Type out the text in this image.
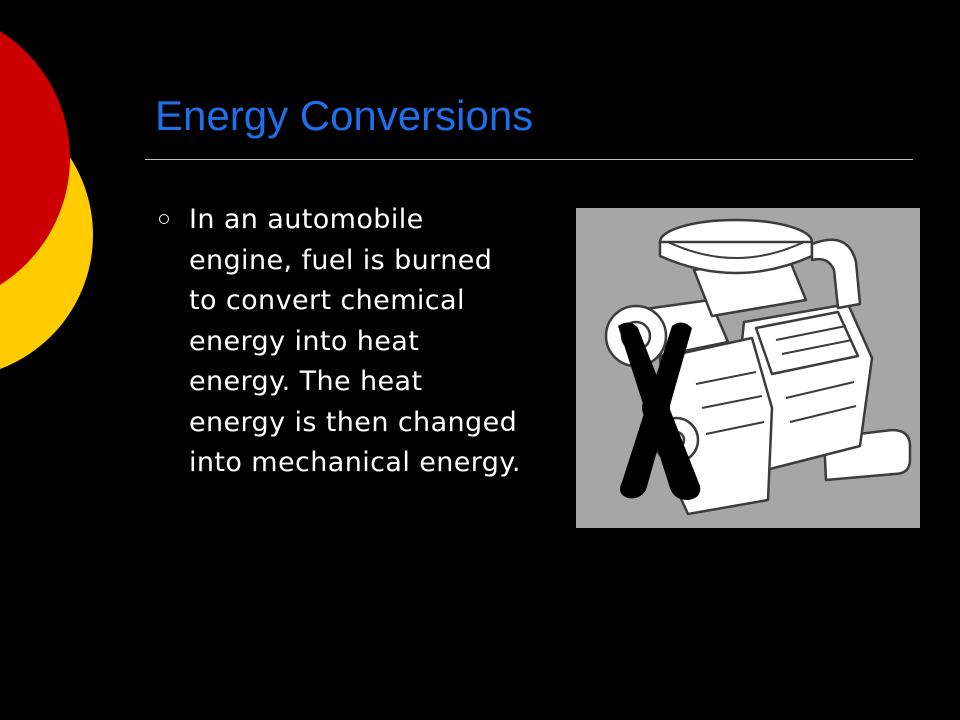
Energy Conversions
In an automobile engine, fuel is burned to convert chemical energy into heat energy. The heat energy is then changed into mechanical energy.
